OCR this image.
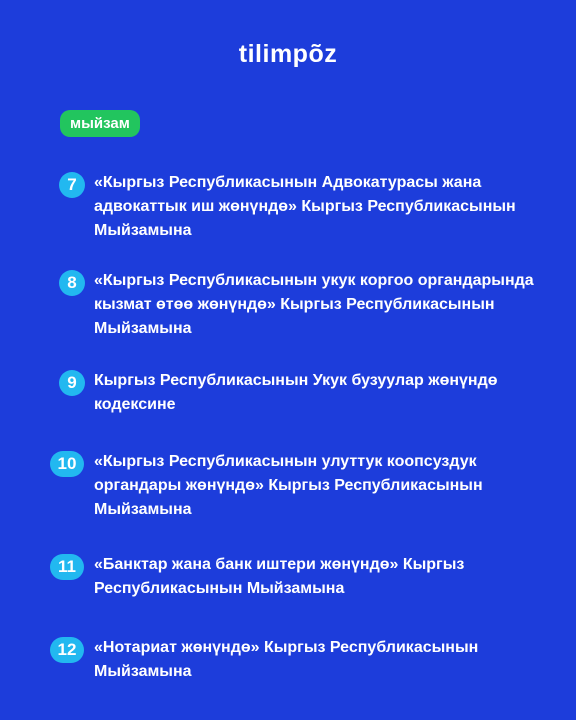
tilimpõz
мыйзам
7	«Кыргыз Республикасынын Адвокатурасы жана адвокаттык иш жөнүндө» Кыргыз Республикасынын Мыйзамына
8	«Кыргыз Республикасынын укук коргоо органдарында кызмат өтөө жөнүндө» Кыргыз Республикасынын Мыйзамына
9	Кыргыз Республикасынын Укук бузуулар жөнүндө кодексине
10	«Кыргыз Республикасынын улуттук коопсуздук органдары жөнүндө» Кыргыз Республикасынын Мыйзамына
11	«Банктар жана банк иштери жөнүндө» Кыргыз Республикасынын Мыйзамына
12	«Нотариат жөнүндө» Кыргыз Республикасынын Мыйзамына
